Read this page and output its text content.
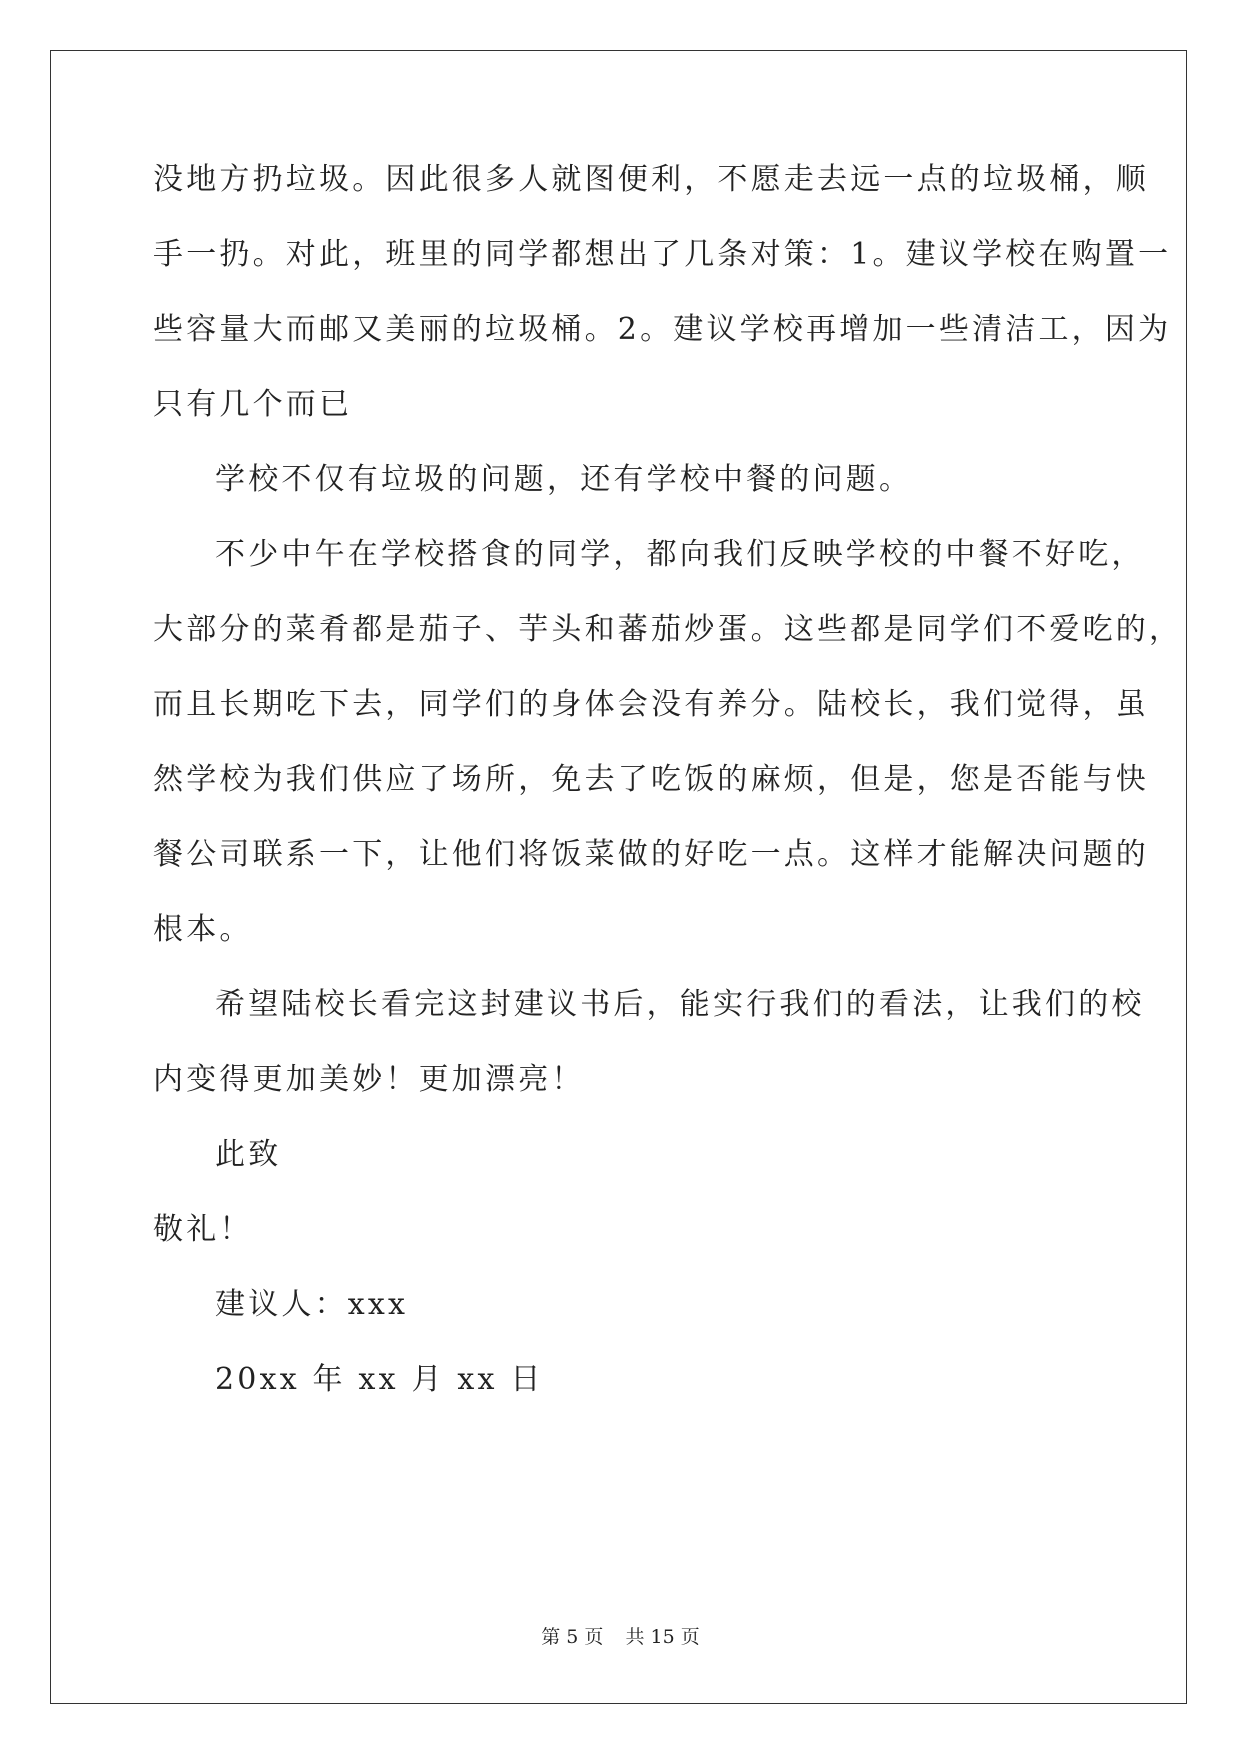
没地方扔垃圾。因此很多人就图便利，不愿走去远一点的垃圾桶，顺
手一扔。对此，班里的同学都想出了几条对策：1。建议学校在购置一
些容量大而邮又美丽的垃圾桶。2。建议学校再增加一些清洁工，因为
只有几个而已
学校不仅有垃圾的问题，还有学校中餐的问题。
不少中午在学校搭食的同学，都向我们反映学校的中餐不好吃，
大部分的菜肴都是茄子、芋头和蕃茄炒蛋。这些都是同学们不爱吃的，
而且长期吃下去，同学们的身体会没有养分。陆校长，我们觉得，虽
然学校为我们供应了场所，免去了吃饭的麻烦，但是，您是否能与快
餐公司联系一下，让他们将饭菜做的好吃一点。这样才能解决问题的
根本。
希望陆校长看完这封建议书后，能实行我们的看法，让我们的校
内变得更加美妙！更加漂亮！
此致
敬礼！
建议人：xxx
20xx 年 xx 月 xx 日
第 5 页 共 15 页
